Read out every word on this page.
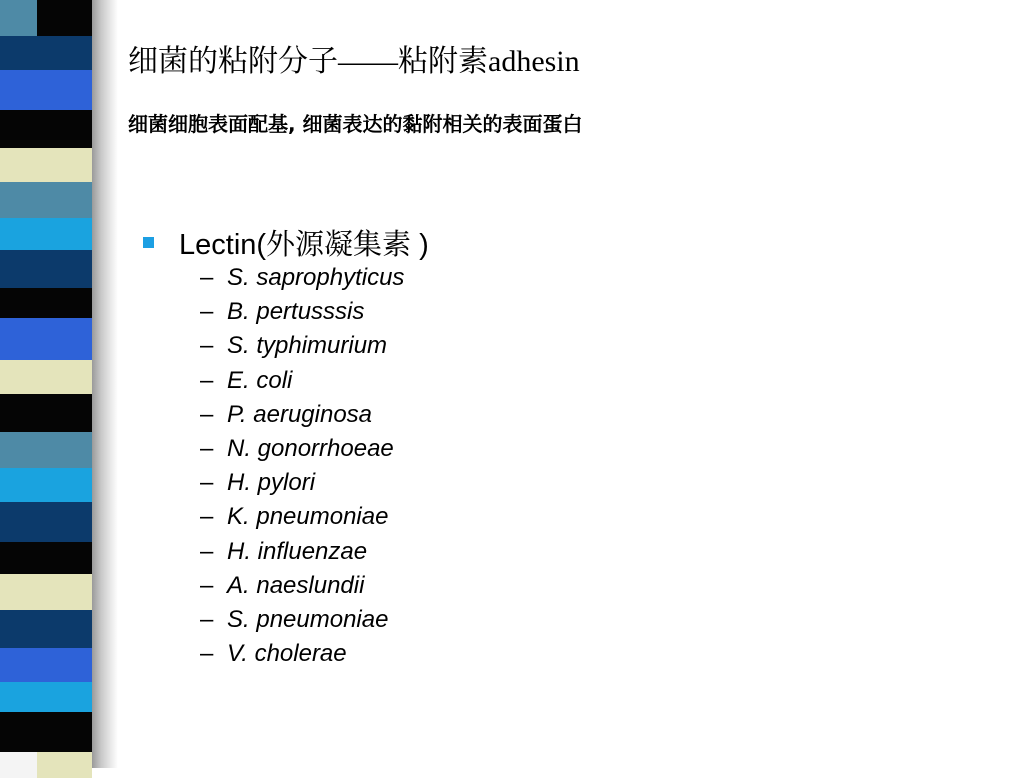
细菌的粘附分子——粘附素adhesin
细菌细胞表面配基, 细菌表达的黏附相关的表面蛋白
Lectin(外源凝集素 )
– S. saprophyticus
– B. pertusssis
– S. typhimurium
– E. coli
– P. aeruginosa
– N. gonorrhoeae
– H. pylori
– K. pneumoniae
– H. influenzae
– A. naeslundii
– S. pneumoniae
– V. cholerae
